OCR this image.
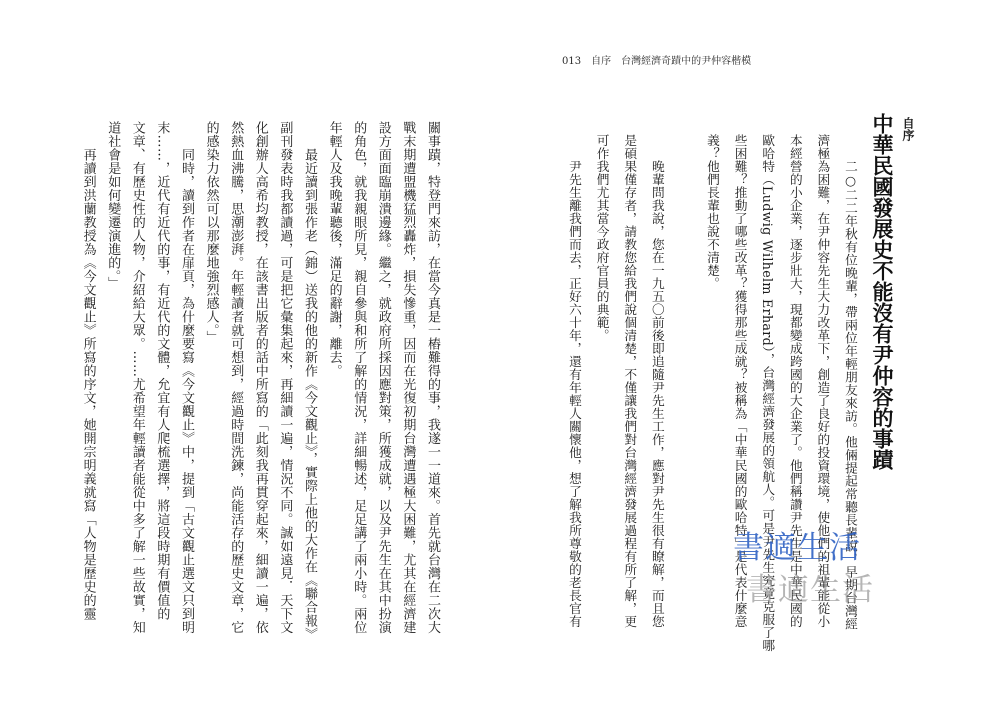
關事蹟，特登門來訪，在當今真是一樁難得的事，我遂一一道來。首先就台灣在二次大
戰末期遭盟機猛烈轟炸，損失慘重，因而在光復初期台灣遭遇極大困難，尤其在經濟建
設方面面臨崩潰邊緣。繼之，就政府所採因應對策，所獲成就，以及尹先生在其中扮演
的角色，就我親眼所見，親自參與和所了解的情況，詳細暢述，足足講了兩小時。兩位
年輕人及我晚輩聽後，滿足的辭謝，離去。
　　最近讀到張作老（錦）送我的他的新作《今文觀止》，實際上他的大作在《聯合報》
副刊發表時我都讀過，可是把它彙集起來，再細讀一遍，情況不同。誠如遠見．天下文
化創辦人高希均教授，在該書出版者的話中所寫的「此刻我再貫穿起來，細讀一遍，依
然熱血沸騰，思潮澎湃。年輕讀者就可想到，經過時間洗鍊，尚能活存的歷史文章，它
的感染力依然可以那麼地強烈感人。」
　　同時，讀到作者在扉頁，為什麼要寫《今文觀止》中，提到「古文觀止選文只到明
末……，近代有近代的事，有近代的文體，允宜有人爬梳選擇，將這段時期有價值的
文章、有歷史性的人物，介紹給大眾。……尤希望年輕讀者能從中多了解一些故實，知
道社會是如何變遷演進的。」
　　再讀到洪蘭教授為《今文觀止》所寫的序文，她開宗明義就寫「人物是歷史的靈
013　自序　台灣經濟奇蹟中的尹仲容楷模
自序
中華民國發展史不能沒有尹仲容的事蹟
　　二○二二年秋有位晚輩，帶兩位年輕朋友來訪。他倆提起常聽長輩說，早期台灣經
濟極為困難，在尹仲容先生大力改革下，創造了良好的投資環境，使他們的祖輩能從小
本經營的小企業，逐步壯大，現都變成跨國的大企業了。他們稱讚尹先生是中華民國的
歐哈特（Ludwig Wilhelm Erhard），台灣經濟發展的領航人。可是尹先生究竟克服了哪
些困難？推動了哪些改革？獲得那些成就？被稱為「中華民國的歐哈特」是代表什麼意
義？他們長輩也說不清楚。
　　晚輩問我說，您在一九五〇前後即追隨尹先生工作，應對尹先生很有瞭解，而且您
是碩果僅存者，請教您給我們說個清楚，不僅讓我們對台灣經濟發展過程有所了解，更
可作我們尤其當今政府官員的典範。
　　尹先生離我們而去，正好六十年，還有年輕人關懷他，想了解我所尊敬的老長官有	書適生活
書適生活
